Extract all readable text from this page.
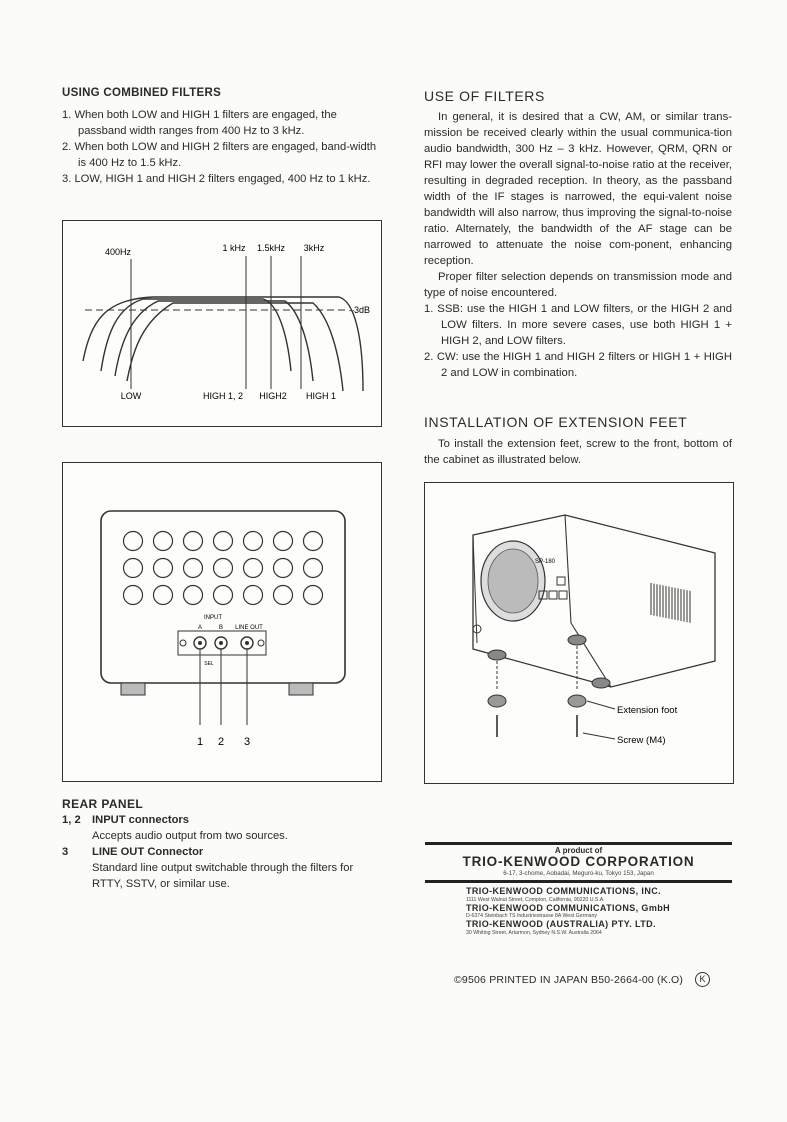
USING COMBINED FILTERS
1. When both LOW and HIGH 1 filters are engaged, the passband width ranges from 400 Hz to 3 kHz.
2. When both LOW and HIGH 2 filters are engaged, band-width is 400 Hz to 1.5 kHz.
3. LOW, HIGH 1 and HIGH 2 filters engaged, 400 Hz to 1 kHz.
400Hz	1 kHz 1.5kHz 3kHz
–3dB
LOW	HIGH 1, 2 HIGH2 HIGH 1
INPUT
A	B LINE OUT
SEL
1 2 3
REAR PANEL
1, 2 INPUT connectors
Accepts audio output from two sources.
3 LINE OUT Connector
Standard line output switchable through the filters for RTTY, SSTV, or similar use.
USE OF FILTERS

In general, it is desired that a CW, AM, or similar trans-mission be received clearly within the usual communica-tion audio bandwidth, 300 Hz – 3 kHz. However, QRM, QRN or RFI may lower the overall signal-to-noise ratio at the receiver, resulting in degraded reception. In theory, as the passband width of the IF stages is narrowed, the equi-valent noise bandwidth will also narrow, thus improving the signal-to-noise ratio. Alternately, the bandwidth of the AF stage can be narrowed to attenuate the noise com-ponent, enhancing reception.

Proper filter selection depends on transmission mode and type of noise encountered.

1. SSB: use the HIGH 1 and LOW filters, or the HIGH 2 and LOW filters. In more severe cases, use both HIGH 1 + HIGH 2, and LOW filters.
2. CW: use the HIGH 1 and HIGH 2 filters or HIGH 1 + HIGH 2 and LOW in combination.
INSTALLATION OF EXTENSION FEET

To install the extension feet, screw to the front, bottom of the cabinet as illustrated below.

SP-180
Extension foot
Screw (M4)
A product of
TRIO-KENWOOD CORPORATION
6-17, 3-chome, Aobadai, Meguro-ku, Tokyo 153, Japan
TRIO-KENWOOD COMMUNICATIONS, INC.
1111 West Walnut Street, Compton, California, 90220 U.S.A.
TRIO-KENWOOD COMMUNICATIONS, GmbH
D-6374 Steinbach TS Industriestrasse 8A West Germany
TRIO-KENWOOD (AUSTRALIA) PTY. LTD.
30 Whiting Street, Artarmon, Sydney N.S.W. Australia 2064
©9506 PRINTED IN JAPAN B50-2664-00 (K.O)	K
